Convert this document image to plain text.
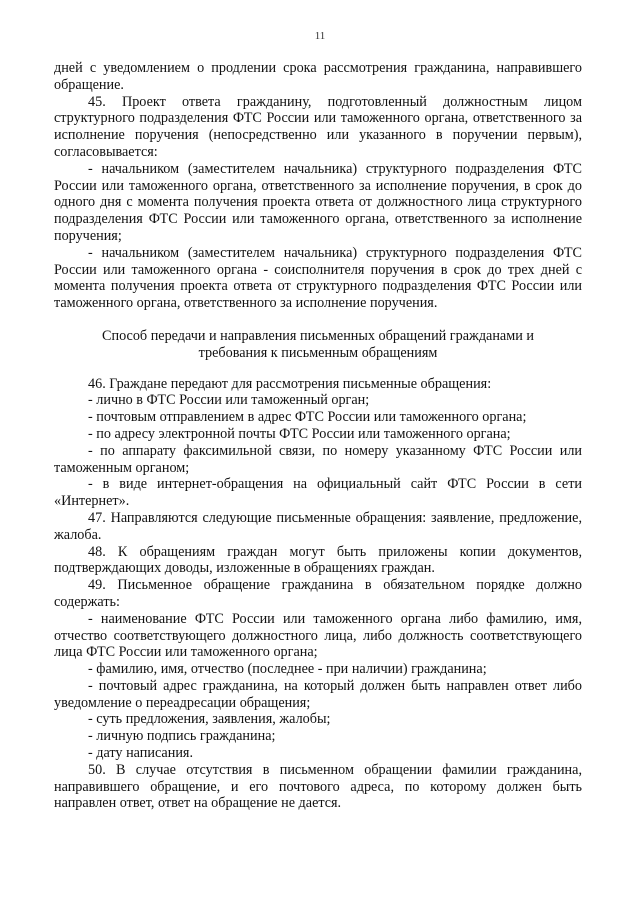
11

дней с уведомлением о продлении срока рассмотрения гражданина, направившего обращение.

45. Проект ответа гражданину, подготовленный должностным лицом структурного подразделения ФТС России или таможенного органа, ответственного за исполнение поручения (непосредственно или указанного в поручении первым), согласовывается:

- начальником (заместителем начальника) структурного подразделения ФТС России или таможенного органа, ответственного за исполнение поручения, в срок до одного дня с момента получения проекта ответа от должностного лица структурного подразделения ФТС России или таможенного органа, ответственного за исполнение поручения;

- начальником (заместителем начальника) структурного подразделения ФТС России или таможенного органа - соисполнителя поручения в срок до трех дней с момента получения проекта ответа от структурного подразделения ФТС России или таможенного органа, ответственного за исполнение поручения.

Способ передачи и направления письменных обращений гражданами и требования к письменным обращениям

46. Граждане передают для рассмотрения письменные обращения:

- лично в ФТС России или таможенный орган;

- почтовым отправлением в адрес ФТС России или таможенного органа;

- по адресу электронной почты ФТС России или таможенного органа;

- по аппарату факсимильной связи, по номеру указанному ФТС России или таможенным органом;

- в виде интернет-обращения на официальный сайт ФТС России в сети «Интернет».

47. Направляются следующие письменные обращения: заявление, предложение, жалоба.

48. К обращениям граждан могут быть приложены копии документов, подтверждающих доводы, изложенные в обращениях граждан.

49. Письменное обращение гражданина в обязательном порядке должно содержать:

- наименование ФТС России или таможенного органа либо фамилию, имя, отчество соответствующего должностного лица, либо должность соответствующего лица ФТС России или таможенного органа;

- фамилию, имя, отчество (последнее - при наличии) гражданина;

- почтовый адрес гражданина, на который должен быть направлен ответ либо уведомление о переадресации обращения;

- суть предложения, заявления, жалобы;

- личную подпись гражданина;

- дату написания.

50. В случае отсутствия в письменном обращении фамилии гражданина, направившего обращение, и его почтового адреса, по которому должен быть направлен ответ, ответ на обращение не дается.
